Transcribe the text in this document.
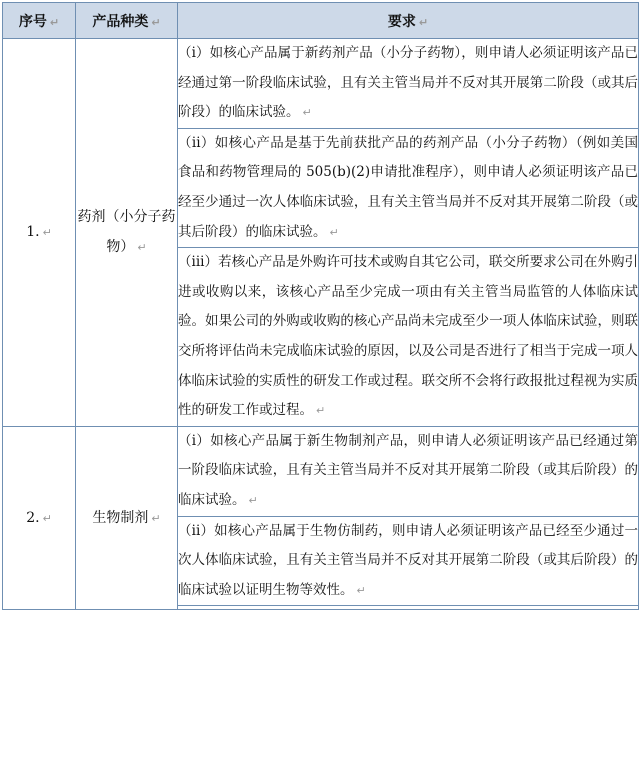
序号 ↵	产品种类 ↵	要求 ↵
1. ↵	药剂（小分子药物） ↵	（i）如核心产品属于新药剂产品（小分子药物），则申请人必须证明该产品已经通过第一阶段临床试验，且有关主管当局并不反对其开展第二阶段（或其后阶段）的临床试验。 ↵

		（ii）如核心产品是基于先前获批产品的药剂产品（小分子药物）（例如美国食品和药物管理局的 505(b)(2)申请批准程序），则申请人必须证明该产品已经至少通过一次人体临床试验，且有关主管当局并不反对其开展第二阶段（或其后阶段）的临床试验。 ↵

		（iii）若核心产品是外购许可技术或购自其它公司，联交所要求公司在外购引进或收购以来，该核心产品至少完成一项由有关主管当局监管的人体临床试验。如果公司的外购或收购的核心产品尚未完成至少一项人体临床试验，则联交所将评估尚未完成临床试验的原因，以及公司是否进行了相当于完成一项人体临床试验的实质性的研发工作或过程。联交所不会将行政报批过程视为实质性的研发工作或过程。 ↵

2. ↵	生物制剂 ↵	（i）如核心产品属于新生物制剂产品，则申请人必须证明该产品已经通过第一阶段临床试验，且有关主管当局并不反对其开展第二阶段（或其后阶段）的临床试验。 ↵

		（ii）如核心产品属于生物仿制药，则申请人必须证明该产品已经至少通过一次人体临床试验，且有关主管当局并不反对其开展第二阶段（或其后阶段）的临床试验以证明生物等效性。 ↵
